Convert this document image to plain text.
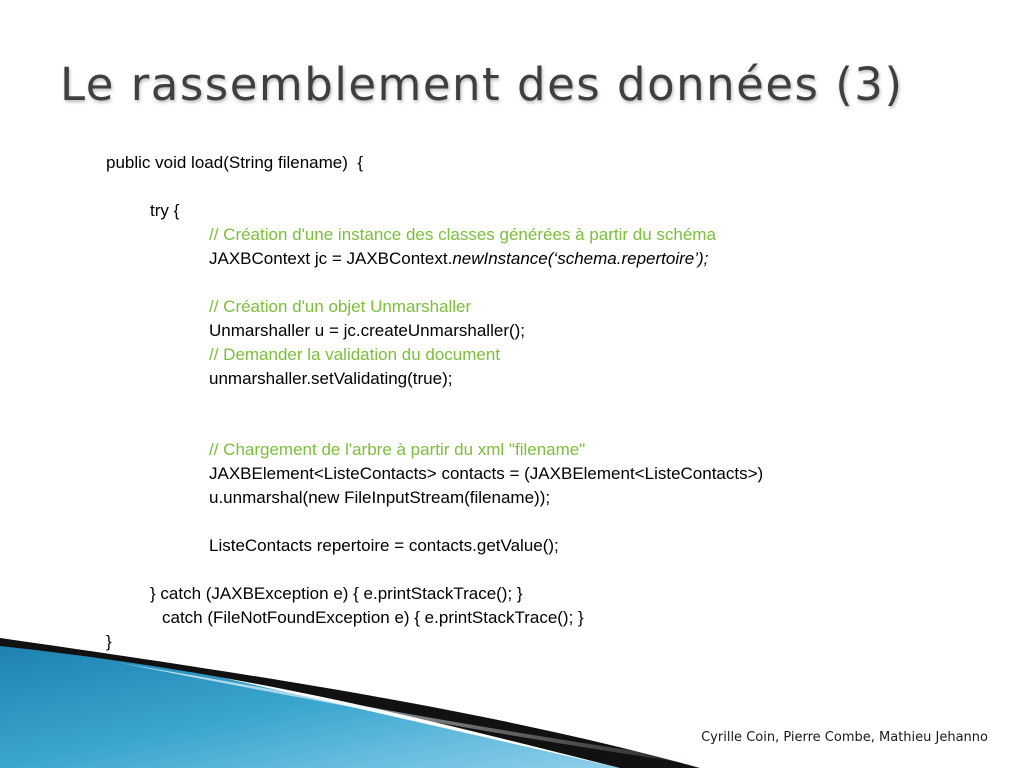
Le rassemblement des données (3)
public void load(String filename)  {
try {
// Création d'une instance des classes générées à partir du schéma
JAXBContext jc = JAXBContext.newInstance(‘schema.repertoire’);
// Création d'un objet Unmarshaller
Unmarshaller u = jc.createUnmarshaller();
// Demander la validation du document
unmarshaller.setValidating(true);
// Chargement de l'arbre à partir du xml "filename"
JAXBElement<ListeContacts> contacts = (JAXBElement<ListeContacts>)
u.unmarshal(new FileInputStream(filename));
ListeContacts repertoire = contacts.getValue();
} catch (JAXBException e) { e.printStackTrace(); }
catch (FileNotFoundException e) { e.printStackTrace(); }
}
Cyrille Coin, Pierre Combe, Mathieu Jehanno
